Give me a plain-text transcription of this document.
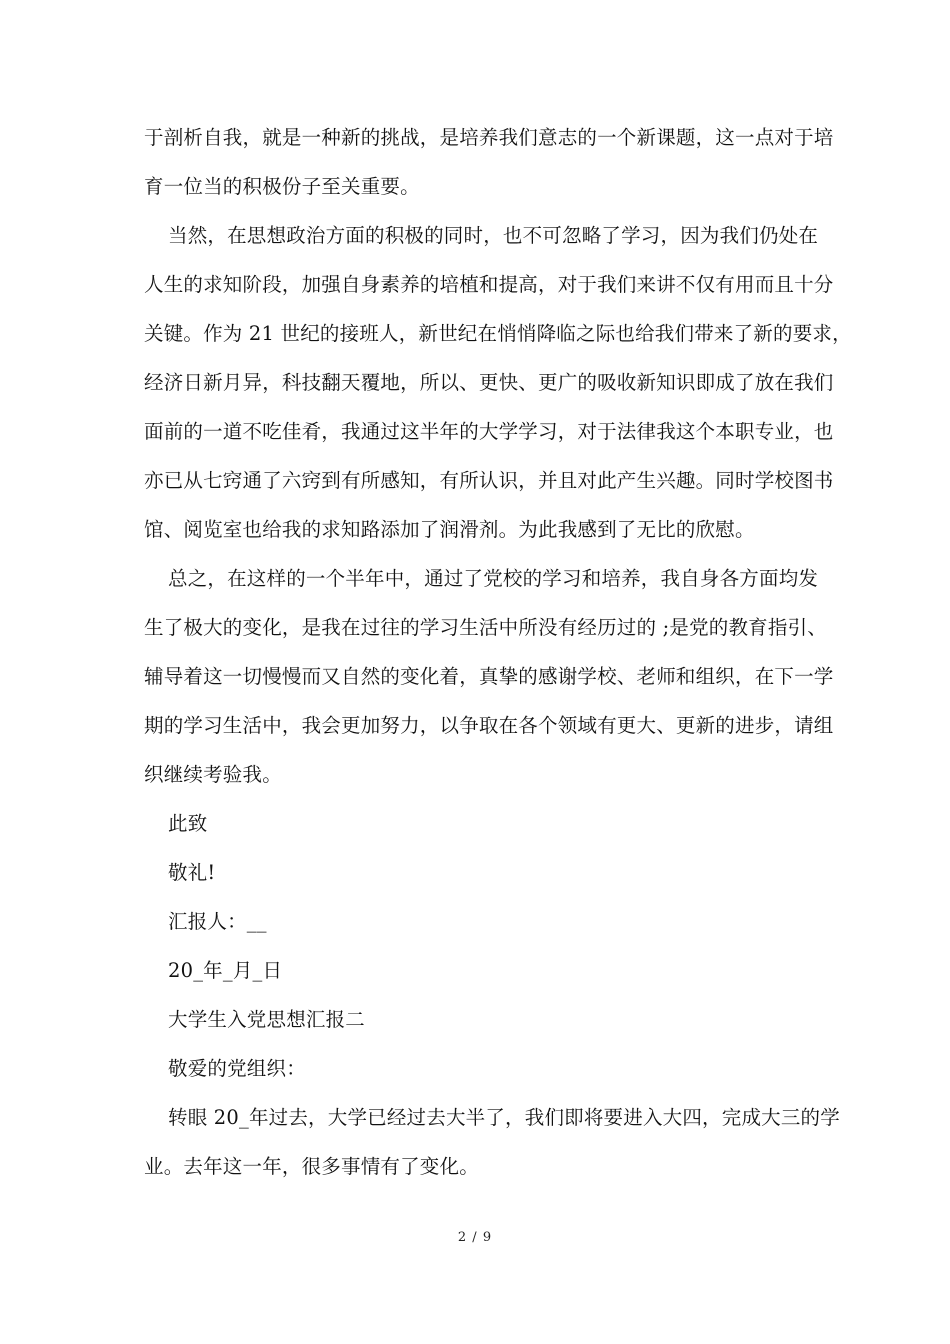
于剖析自我，就是一种新的挑战，是培养我们意志的一个新课题，这一点对于培
育一位当的积极份子至关重要。
当然，在思想政治方面的积极的同时，也不可忽略了学习，因为我们仍处在
人生的求知阶段，加强自身素养的培植和提高，对于我们来讲不仅有用而且十分
关键。作为 21 世纪的接班人，新世纪在悄悄降临之际也给我们带来了新的要求，
经济日新月异，科技翻天覆地，所以、更快、更广的吸收新知识即成了放在我们
面前的一道不吃佳肴，我通过这半年的大学学习，对于法律我这个本职专业，也
亦已从七窍通了六窍到有所感知，有所认识，并且对此产生兴趣。同时学校图书
馆、阅览室也给我的求知路添加了润滑剂。为此我感到了无比的欣慰。
总之，在这样的一个半年中，通过了党校的学习和培养，我自身各方面均发
生了极大的变化，是我在过往的学习生活中所没有经历过的 ;是党的教育指引、
辅导着这一切慢慢而又自然的变化着，真挚的感谢学校、老师和组织，在下一学
期的学习生活中，我会更加努力，以争取在各个领域有更大、更新的进步，请组
织继续考验我。
此致
敬礼!
汇报人：__
20_年_月_日
大学生入党思想汇报二
敬爱的党组织：
转眼 20_年过去，大学已经过去大半了，我们即将要进入大四，完成大三的学
业。去年这一年，很多事情有了变化。
2 / 9
